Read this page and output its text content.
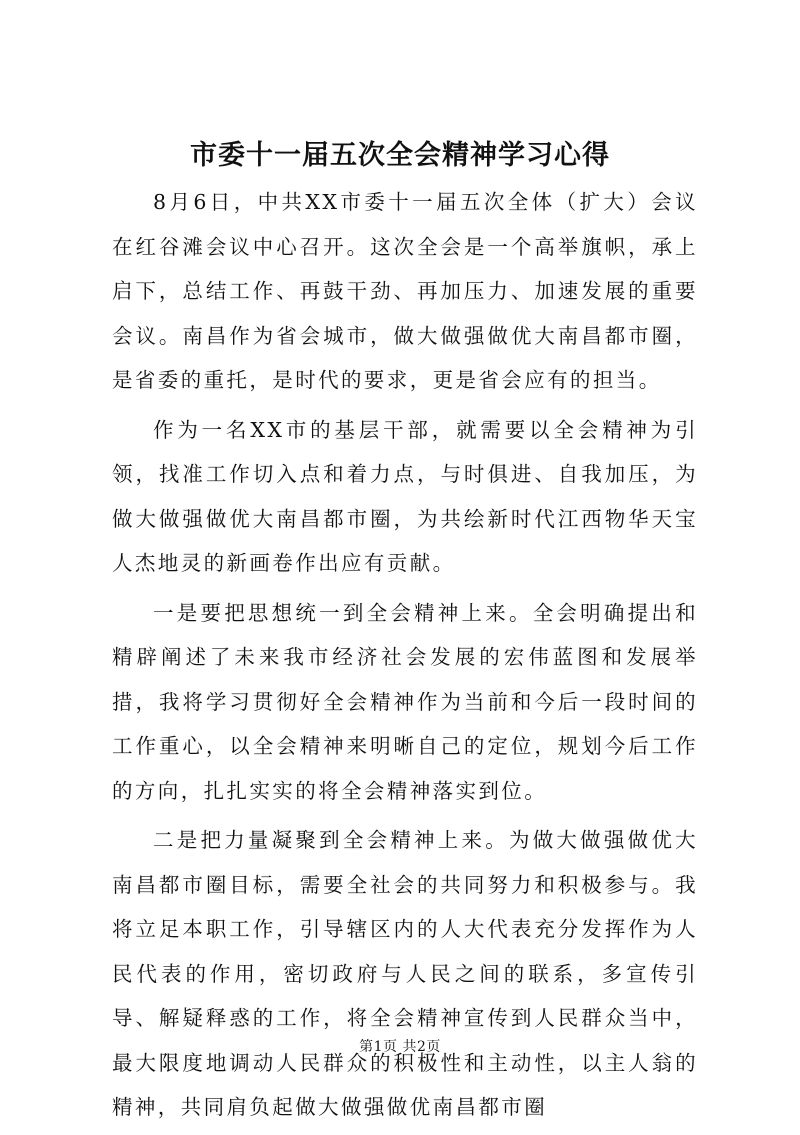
市委十一届五次全会精神学习心得

8月6日，中共XX市委十一届五次全体（扩大）会议在红谷滩会议中心召开。这次全会是一个高举旗帜，承上启下，总结工作、再鼓干劲、再加压力、加速发展的重要会议。南昌作为省会城市，做大做强做优大南昌都市圈，是省委的重托，是时代的要求，更是省会应有的担当。

作为一名XX市的基层干部，就需要以全会精神为引领，找准工作切入点和着力点，与时俱进、自我加压，为做大做强做优大南昌都市圈，为共绘新时代江西物华天宝人杰地灵的新画卷作出应有贡献。

一是要把思想统一到全会精神上来。全会明确提出和精辟阐述了未来我市经济社会发展的宏伟蓝图和发展举措，我将学习贯彻好全会精神作为当前和今后一段时间的工作重心，以全会精神来明晰自己的定位，规划今后工作的方向，扎扎实实的将全会精神落实到位。

二是把力量凝聚到全会精神上来。为做大做强做优大南昌都市圈目标，需要全社会的共同努力和积极参与。我将立足本职工作，引导辖区内的人大代表充分发挥作为人民代表的作用，密切政府与人民之间的联系，多宣传引导、解疑释惑的工作，将全会精神宣传到人民群众当中，最大限度地调动人民群众的积极性和主动性，以主人翁的精神，共同肩负起做大做强做优南昌都市圈

第1页 共2页
